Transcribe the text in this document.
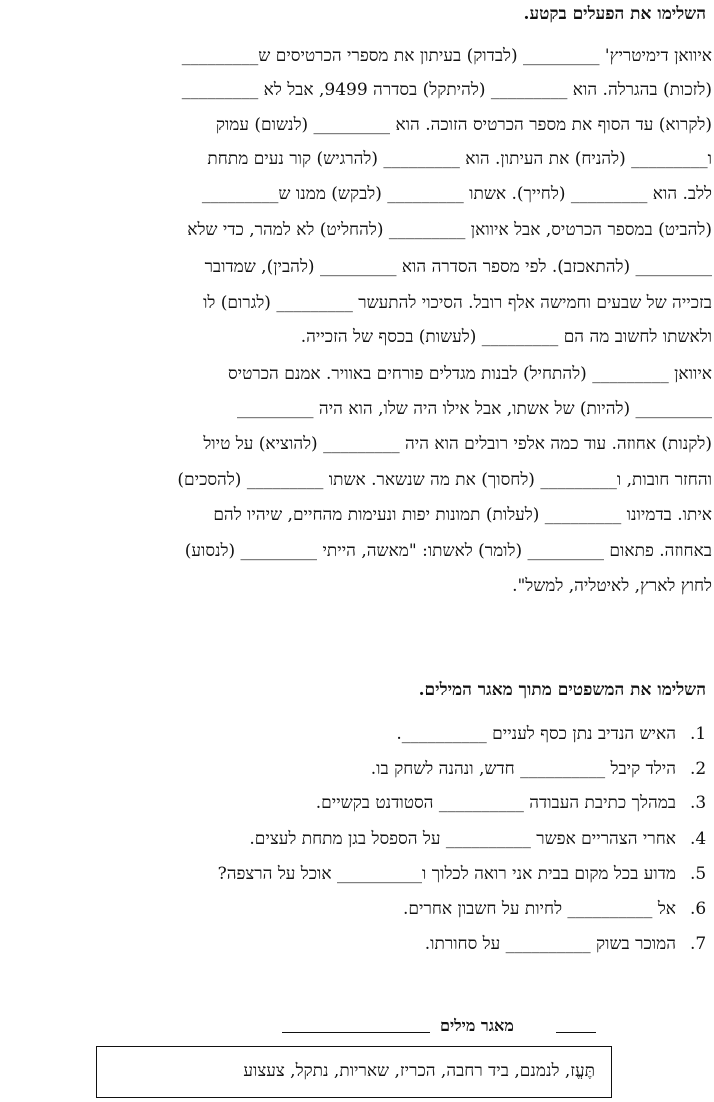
השלימו את הפעלים בקטע.
איוואן דימיטריץ' _________ (לבדוק) בעיתון את מספרי הכרטיסים ש_________
(לזכות) בהגרלה. הוא _________ (להיתקל) בסדרה 9499, אבל לא _________
(לקרוא) עד הסוף את מספר הכרטיס הזוכה. הוא _________ (לנשום) עמוק
ו_________ (להניח) את העיתון. הוא _________ (להרגיש) קור נעים מתחת
ללב. הוא _________ (לחייך). אשתו _________ (לבקש) ממנו ש_________
(להביט) במספר הכרטיס, אבל איוואן _________ (להחליט) לא למהר, כדי שלא
_________ (להתאכזב). לפי מספר הסדרה הוא _________ (להבין), שמדובר
בזכייה של שבעים וחמישה אלף רובל. הסיכוי להתעשר _________ (לגרום) לו
ולאשתו לחשוב מה הם _________ (לעשות) בכסף של הזכייה.
איוואן _________ (להתחיל) לבנות מגדלים פורחים באוויר. אמנם הכרטיס
_________ (להיות) של אשתו, אבל אילו היה שלו, הוא היה _________
(לקנות) אחוזה. עוד כמה אלפי רובלים הוא היה _________ (להוציא) על טיול
והחזר חובות, ו_________ (לחסוך) את מה שנשאר. אשתו _________ (להסכים)
איתו. בדמיונו _________ (לעלות) תמונות יפות ונעימות מהחיים, שיהיו להם
באחוזה. פתאום _________ (לומר) לאשתו: "מאשה, הייתי _________ (לנסוע)
לחוץ לארץ, לאיטליה, למשל".
השלימו את המשפטים מתוך מאגר המילים.
1.האיש הנדיב נתן כסף לעניים __________.
2.הילד קיבל __________ חדש, ונהנה לשחק בו.
3.במהלך כתיבת העבודה __________ הסטודנט בקשיים.
4.אחרי הצהריים אפשר __________ על הספסל בגן מתחת לעצים.
5.מדוע בכל מקום בבית אני רואה לכלוך ו__________ אוכל על הרצפה?
6.אל __________ לחיות על חשבון אחרים.
7.המוכר בשוק __________ על סחורתו.
מאגר מילים
תֶּעֱז, לנמנם, ביד רחבה, הכריז, שאריות, נתקל, צעצוע
